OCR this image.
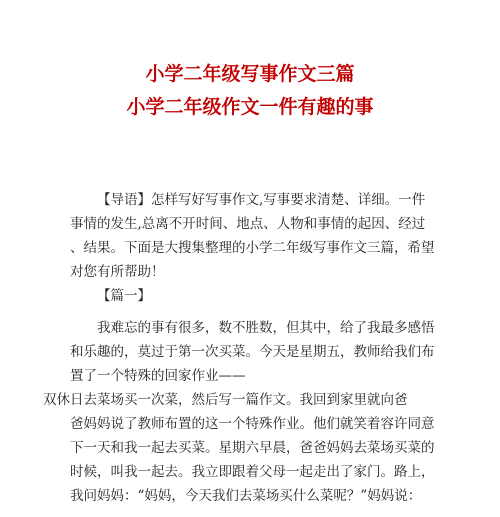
小学二年级写事作文三篇
小学二年级作文一件有趣的事
【导语】怎样写好写事作文,写事要求清楚、详细。一件
事情的发生,总离不开时间、地点、人物和事情的起因、经过
、结果。下面是大搜集整理的小学二年级写事作文三篇，希望
对您有所帮助！
【篇一】
我难忘的事有很多，数不胜数，但其中，给了我最多感悟
和乐趣的，莫过于第一次买菜。今天是星期五，教师给我们布
置了一个特殊的回家作业——
双休日去菜场买一次菜，然后写一篇作文。我回到家里就向爸
爸妈妈说了教师布置的这一个特殊作业。他们就笑着容许同意
下一天和我一起去买菜。星期六早晨，爸爸妈妈去菜场买菜的
时候，叫我一起去。我立即跟着父母一起走出了家门。路上，
我问妈妈：“妈妈，今天我们去菜场买什么菜呢？”妈妈说：
